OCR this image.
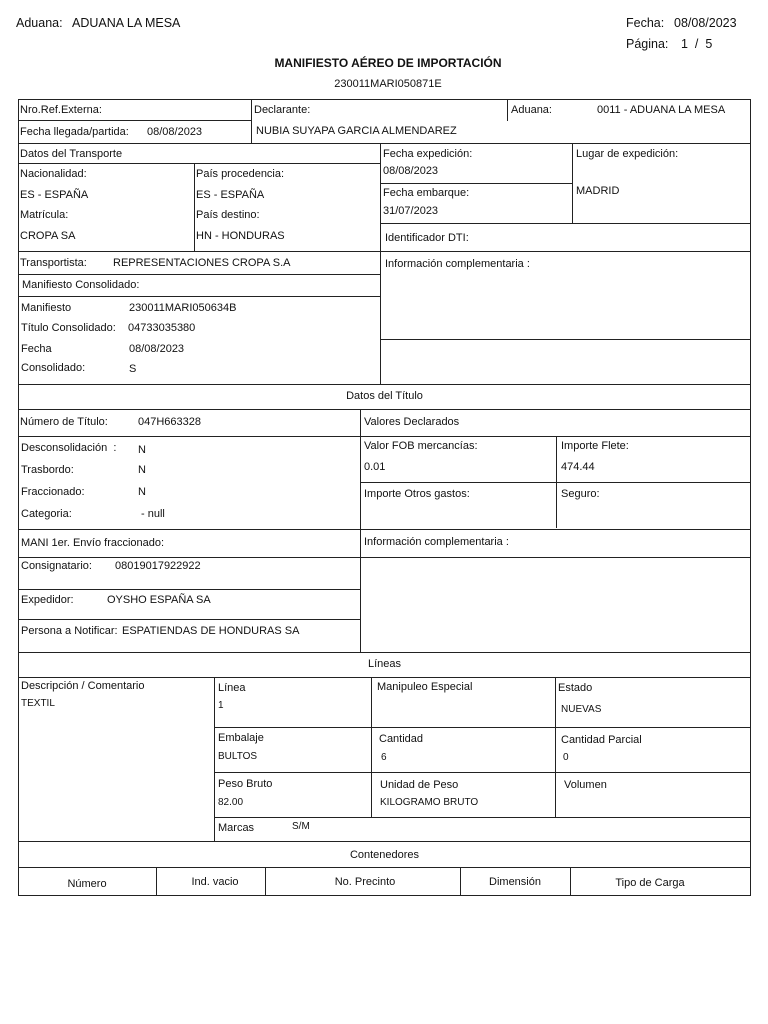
Aduana: ADUANA LA MESA	Fecha: 08/08/2023
Página: 1  /  5
MANIFIESTO AÉREO DE IMPORTACIÓN
230011MARI050871E
Nro.Ref.Externa:	Declarante:	Aduana:	0011 - ADUANA LA MESA
Fecha llegada/partida: 08/08/2023	NUBIA SUYAPA GARCIA ALMENDAREZ
Datos del Transporte
Nacionalidad:
ES - ESPAÑA
País procedencia:
ES - ESPAÑA
Matrícula:
CROPA SA
País destino:
HN - HONDURAS
Fecha expedición:
08/08/2023
Fecha embarque:
31/07/2023
Lugar de expedición:
MADRID
Identificador DTI:
Transportista: REPRESENTACIONES CROPA S.A	Información complementaria :
Manifiesto Consolidado:
Manifiesto	230011MARI050634B
Título Consolidado: 04733035380
Fecha	08/08/2023
Consolidado:	S
Datos del Título
Número de Título:	047H663328	Valores Declarados
Desconsolidación  : N
Trasbordo:	N
Fraccionado:	N
Categoria:	- null
Valor FOB mercancías:
0.01
Importe Flete:
474.44
Importe Otros gastos:	Seguro:
MANI 1er. Envío fraccionado:	Información complementaria :
Consignatario: 08019017922922
Expedidor:	OYSHO ESPAÑA SA
Persona a Notificar: ESPATIENDAS DE HONDURAS SA
Líneas
Descripción / Comentario
TEXTIL
Línea
1
Manipuleo Especial	Estado
NUEVAS
Embalaje
BULTOS
Cantidad
6
Cantidad Parcial
0
Peso Bruto
82.00
Unidad de Peso
KILOGRAMO BRUTO
Volumen
Marcas	S/M
Contenedores
Número	Ind. vacio	No. Precinto	Dimensión	Tipo de Carga
